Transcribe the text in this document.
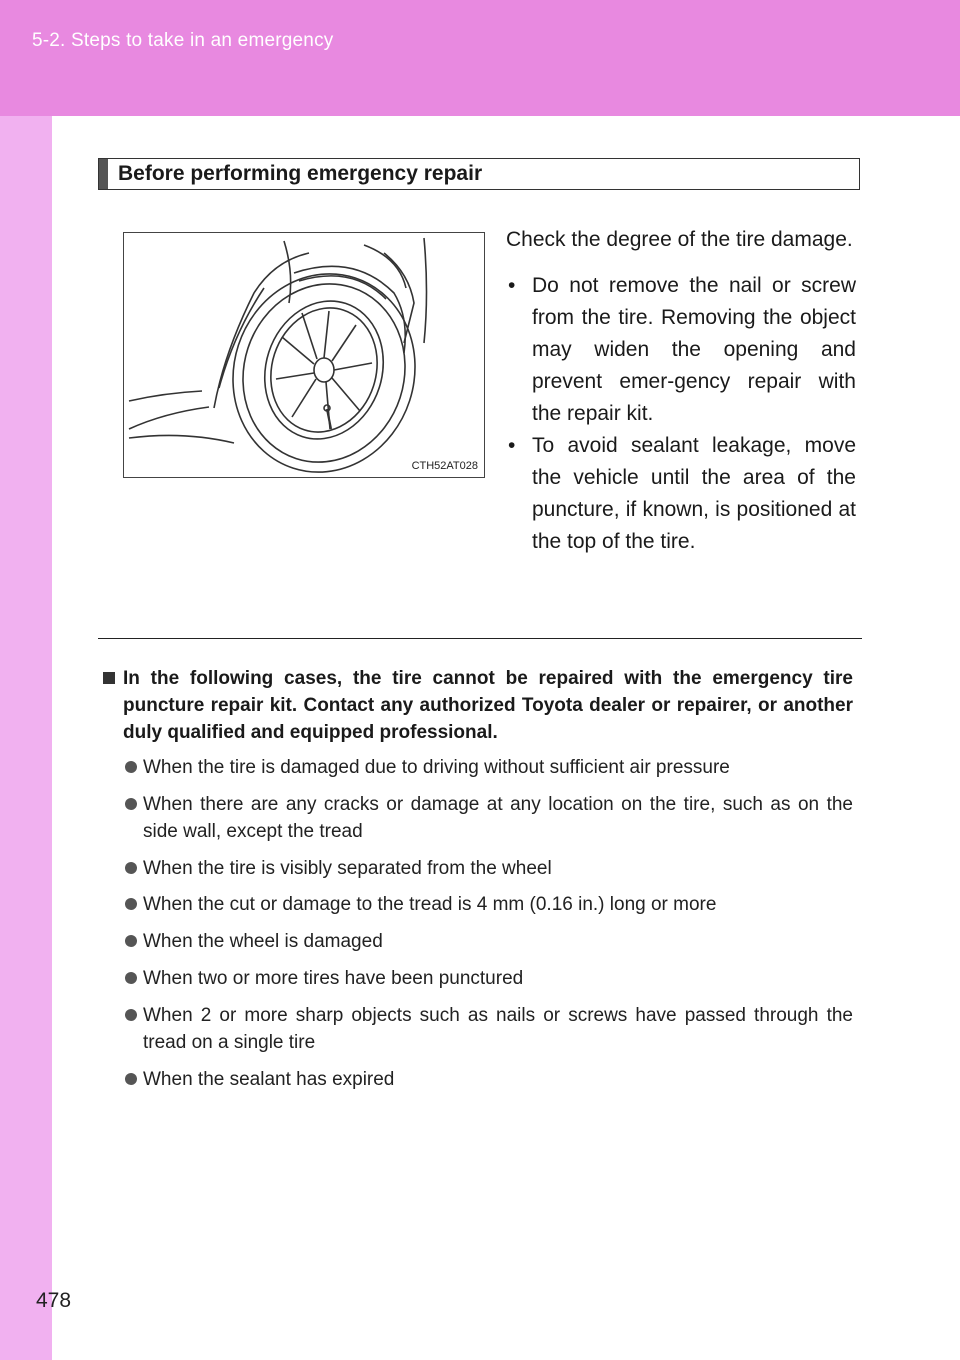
5-2. Steps to take in an emergency
Before performing emergency repair
CTH52AT028

Check the degree of the tire damage.

• Do not remove the nail or screw from the tire. Removing the object may widen the opening and prevent emer-gency repair with the repair kit.
• To avoid sealant leakage, move the vehicle until the area of the puncture, if known, is positioned at the top of the tire.
In the following cases, the tire cannot be repaired with the emergency tire puncture repair kit. Contact any authorized Toyota dealer or repairer, or another duly qualified and equipped professional.
When the tire is damaged due to driving without sufficient air pressure
When there are any cracks or damage at any location on the tire, such as on the side wall, except the tread
When the tire is visibly separated from the wheel
When the cut or damage to the tread is 4 mm (0.16 in.) long or more
When the wheel is damaged
When two or more tires have been punctured
When 2 or more sharp objects such as nails or screws have passed through the tread on a single tire
When the sealant has expired
478
